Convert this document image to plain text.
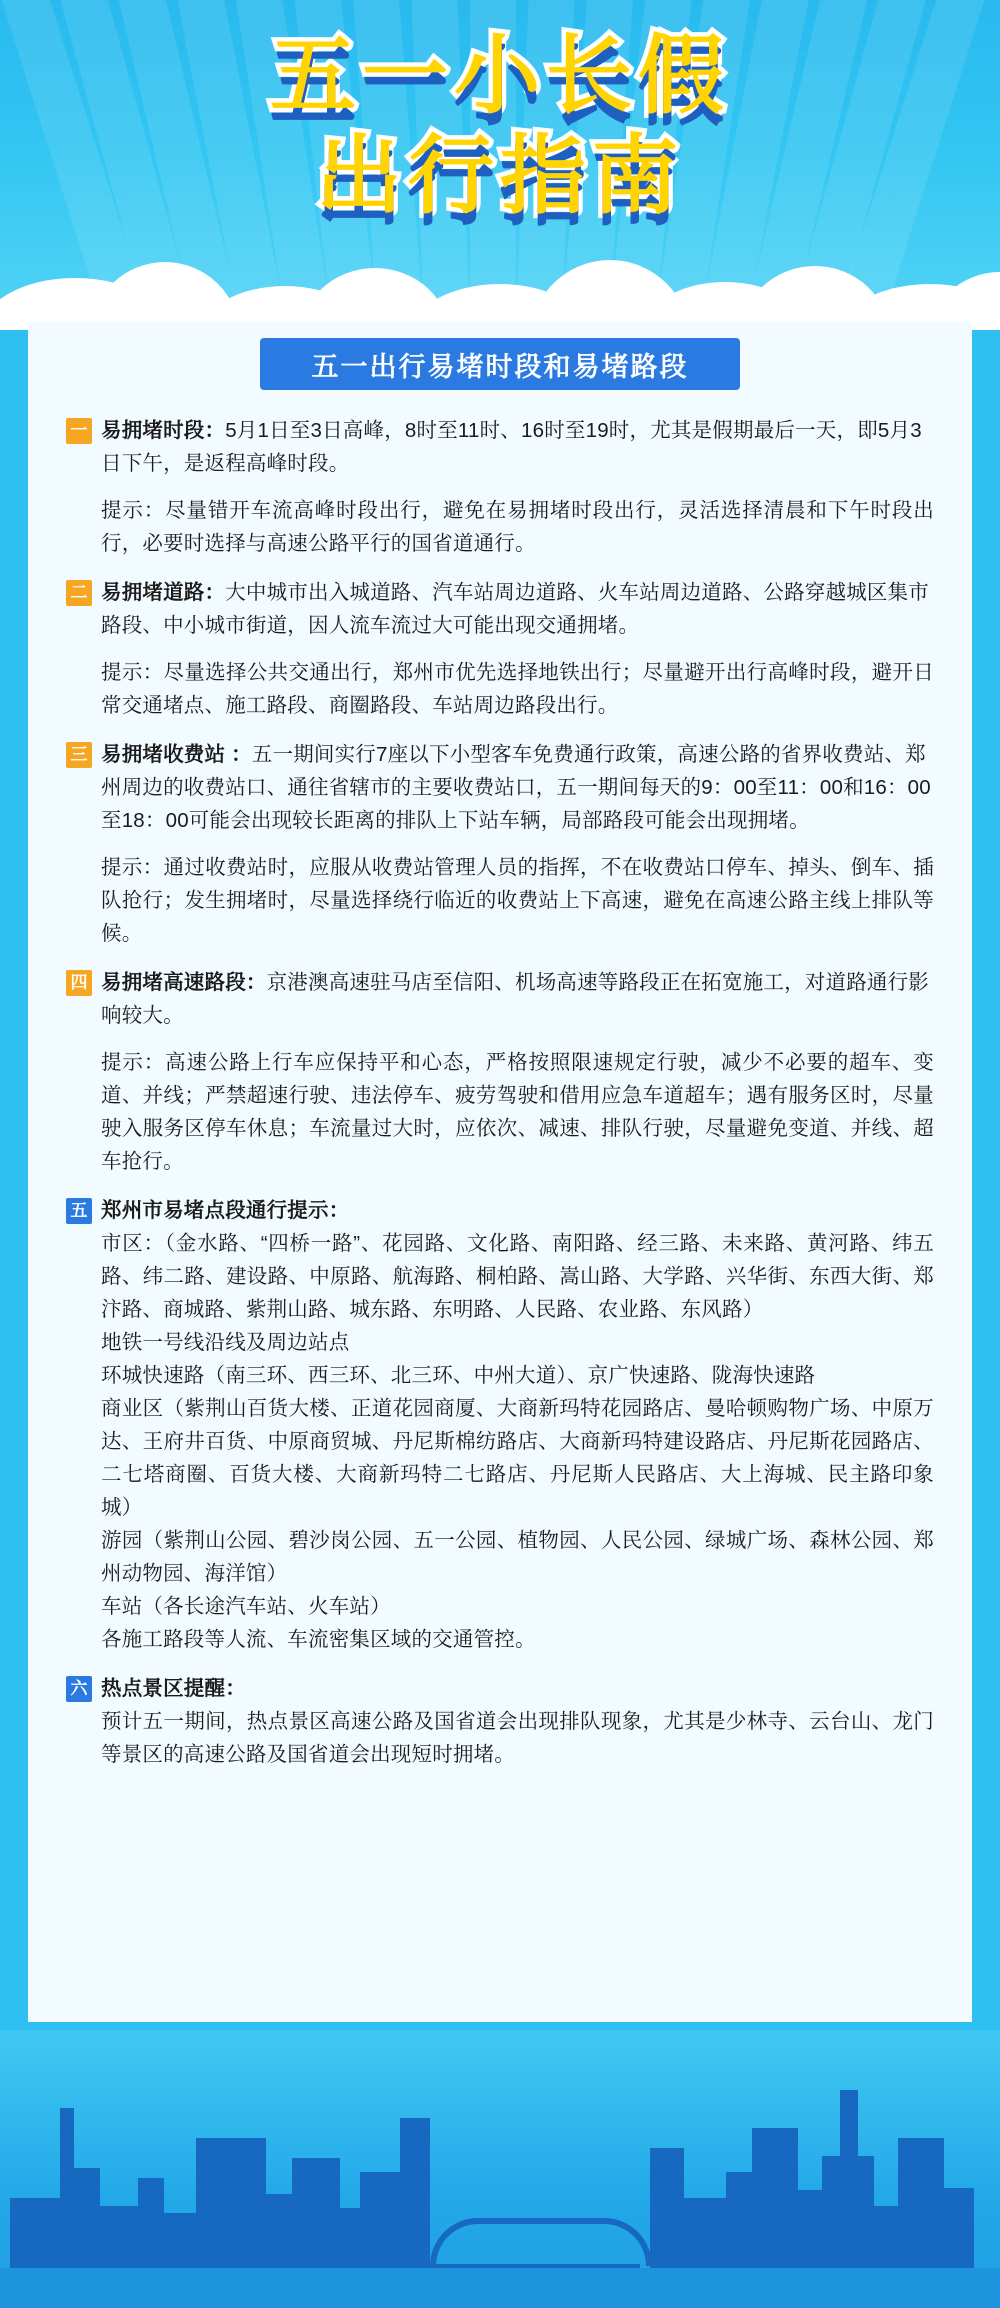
五一小长假
出行指南
五一出行易堵时段和易堵路段
一 易拥堵时段：5月1日至3日高峰，8时至11时、16时至19时，尤其是假期最后一天，即5月3日下午，是返程高峰时段。
提示：尽量错开车流高峰时段出行，避免在易拥堵时段出行，灵活选择清晨和下午时段出行，必要时选择与高速公路平行的国省道通行。
二 易拥堵道路：大中城市出入城道路、汽车站周边道路、火车站周边道路、公路穿越城区集市路段、中小城市街道，因人流车流过大可能出现交通拥堵。
提示：尽量选择公共交通出行，郑州市优先选择地铁出行；尽量避开出行高峰时段，避开日常交通堵点、施工路段、商圈路段、车站周边路段出行。
三 易拥堵收费站 ：五一期间实行7座以下小型客车免费通行政策，高速公路的省界收费站、郑州周边的收费站口、通往省辖市的主要收费站口，五一期间每天的9：00至11：00和16：00至18：00可能会出现较长距离的排队上下站车辆，局部路段可能会出现拥堵。
提示：通过收费站时，应服从收费站管理人员的指挥，不在收费站口停车、掉头、倒车、插队抢行；发生拥堵时，尽量选择绕行临近的收费站上下高速，避免在高速公路主线上排队等候。
四 易拥堵高速路段：京港澳高速驻马店至信阳、机场高速等路段正在拓宽施工，对道路通行影响较大。
提示：高速公路上行车应保持平和心态，严格按照限速规定行驶，减少不必要的超车、变道、并线；严禁超速行驶、违法停车、疲劳驾驶和借用应急车道超车；遇有服务区时，尽量驶入服务区停车休息；车流量过大时，应依次、减速、排队行驶，尽量避免变道、并线、超车抢行。
五 郑州市易堵点段通行提示：
市区：（金水路、“四桥一路”、花园路、文化路、南阳路、经三路、未来路、黄河路、纬五路、纬二路、建设路、中原路、航海路、桐柏路、嵩山路、大学路、兴华街、东西大街、郑汴路、商城路、紫荆山路、城东路、东明路、人民路、农业路、东风路）
地铁一号线沿线及周边站点
环城快速路（南三环、西三环、北三环、中州大道）、京广快速路、陇海快速路
商业区（紫荆山百货大楼、正道花园商厦、大商新玛特花园路店、曼哈顿购物广场、中原万达、王府井百货、中原商贸城、丹尼斯棉纺路店、大商新玛特建设路店、丹尼斯花园路店、二七塔商圈、百货大楼、大商新玛特二七路店、丹尼斯人民路店、大上海城、民主路印象城）
游园（紫荆山公园、碧沙岗公园、五一公园、植物园、人民公园、绿城广场、森林公园、郑州动物园、海洋馆）
车站（各长途汽车站、火车站）
各施工路段等人流、车流密集区域的交通管控。
六 热点景区提醒：
预计五一期间，热点景区高速公路及国省道会出现排队现象，尤其是少林寺、云台山、龙门等景区的高速公路及国省道会出现短时拥堵。
